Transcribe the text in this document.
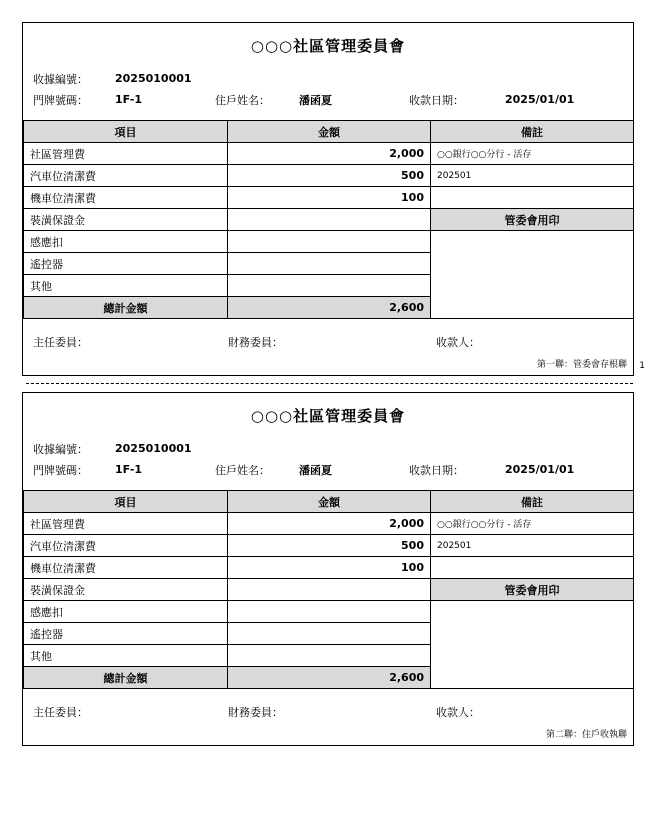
○○○社區管理委員會
收據編號：	2025010001
門牌號碼：	1F-1	住戶姓名：	潘函夏	收款日期：	2025/01/01
項目	金額	備註
社區管理費	2,000	○○銀行○○分行 - 活存
汽車位清潔費	500	202501
機車位清潔費	100	
裝潢保證金		管委會用印
感應扣		
遙控器		
其他		
總計金額	2,600	
主任委員：	財務委員：	收款人：
第一聯：管委會存根聯	1
○○○社區管理委員會
收據編號：	2025010001
門牌號碼：	1F-1	住戶姓名：	潘函夏	收款日期：	2025/01/01
項目	金額	備註
社區管理費	2,000	○○銀行○○分行 - 活存
汽車位清潔費	500	202501
機車位清潔費	100	
裝潢保證金		管委會用印
感應扣		
遙控器		
其他		
總計金額	2,600	
主任委員：	財務委員：	收款人：
第二聯：住戶收執聯
